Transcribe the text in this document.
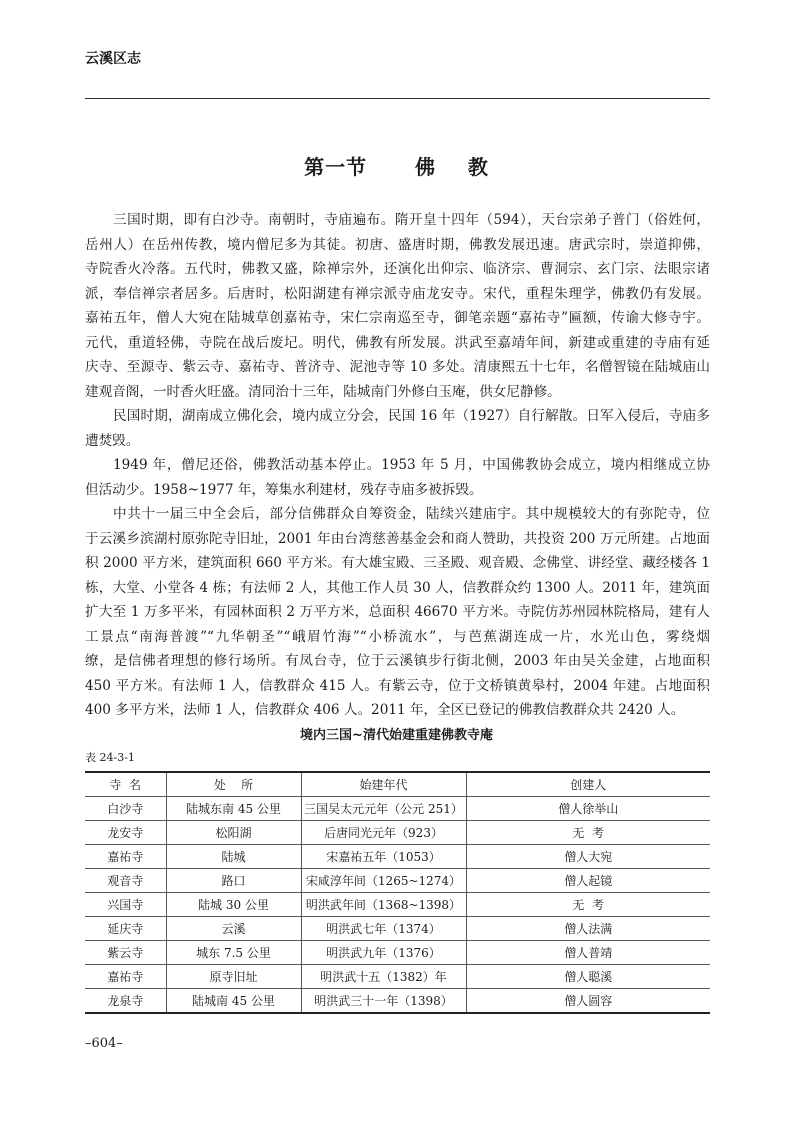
云溪区志
第一节   佛  教
三国时期，即有白沙寺。南朝时，寺庙遍布。隋开皇十四年（594），天台宗弟子普门（俗姓何，
岳州人）在岳州传教，境内僧尼多为其徒。初唐、盛唐时期，佛教发展迅速。唐武宗时，崇道抑佛，
寺院香火冷落。五代时，佛教又盛，除禅宗外，还演化出仰宗、临济宗、曹洞宗、玄门宗、法眼宗诸
派，奉信禅宗者居多。后唐时，松阳湖建有禅宗派寺庙龙安寺。宋代，重程朱理学，佛教仍有发展。
嘉祐五年，僧人大宛在陆城草创嘉祐寺，宋仁宗南巡至寺，御笔亲题“嘉祐寺”匾额，传谕大修寺宇。
元代，重道轻佛，寺院在战后废圮。明代，佛教有所发展。洪武至嘉靖年间，新建或重建的寺庙有延
庆寺、至源寺、紫云寺、嘉祐寺、普济寺、泥池寺等 10 多处。清康熙五十七年，名僧智镜在陆城庙山
建观音阁，一时香火旺盛。清同治十三年，陆城南门外修白玉庵，供女尼静修。
民国时期，湖南成立佛化会，境内成立分会，民国 16 年（1927）自行解散。日军入侵后，寺庙多
遭焚毁。
1949 年，僧尼还俗，佛教活动基本停止。1953 年 5 月，中国佛教协会成立，境内相继成立协
但活动少。1958~1977 年，筹集水利建材，残存寺庙多被拆毁。
中共十一届三中全会后，部分信佛群众自筹资金，陆续兴建庙宇。其中规模较大的有弥陀寺，位
于云溪乡滨湖村原弥陀寺旧址，2001 年由台湾慈善基金会和商人赞助，共投资 200 万元所建。占地面
积 2000 平方米，建筑面积 660 平方米。有大雄宝殿、三圣殿、观音殿、念佛堂、讲经堂、藏经楼各 1
栋，大堂、小堂各 4 栋；有法师 2 人，其他工作人员 30 人，信教群众约 1300 人。2011 年，建筑面
扩大至 1 万多平米，有园林面积 2 万平方米，总面积 46670 平方米。寺院仿苏州园林院格局，建有人
工景点“南海普渡”“九华朝圣”“峨眉竹海”“小桥流水”，与芭蕉湖连成一片，水光山色，雾绕烟
缭，是信佛者理想的修行场所。有凤台寺，位于云溪镇步行街北侧，2003 年由吴关金建，占地面积
450 平方米。有法师 1 人，信教群众 415 人。有紫云寺，位于文桥镇黄皋村，2004 年建。占地面积
400 多平方米，法师 1 人，信教群众 406 人。2011 年，全区已登记的佛教信教群众共 2420 人。
境内三国~清代始建重建佛教寺庵
表 24-3-1
寺  名	处    所	始建年代	创建人
白沙寺	陆城东南 45 公里	三国吴太元元年（公元 251）	僧人徐举山
龙安寺	松阳湖	后唐同光元年（923）	无  考
嘉祐寺	陆城	宋嘉祐五年（1053）	僧人大宛
观音寺	路口	宋咸淳年间（1265~1274）	僧人起镜
兴国寺	陆城 30 公里	明洪武年间（1368~1398）	无  考
延庆寺	云溪	明洪武七年（1374）	僧人法满
紫云寺	城东 7.5 公里	明洪武九年（1376）	僧人普靖
嘉祐寺	原寺旧址	明洪武十五（1382）年	僧人聪溪
龙泉寺	陆城南 45 公里	明洪武三十一年（1398）	僧人圆容
–604–
